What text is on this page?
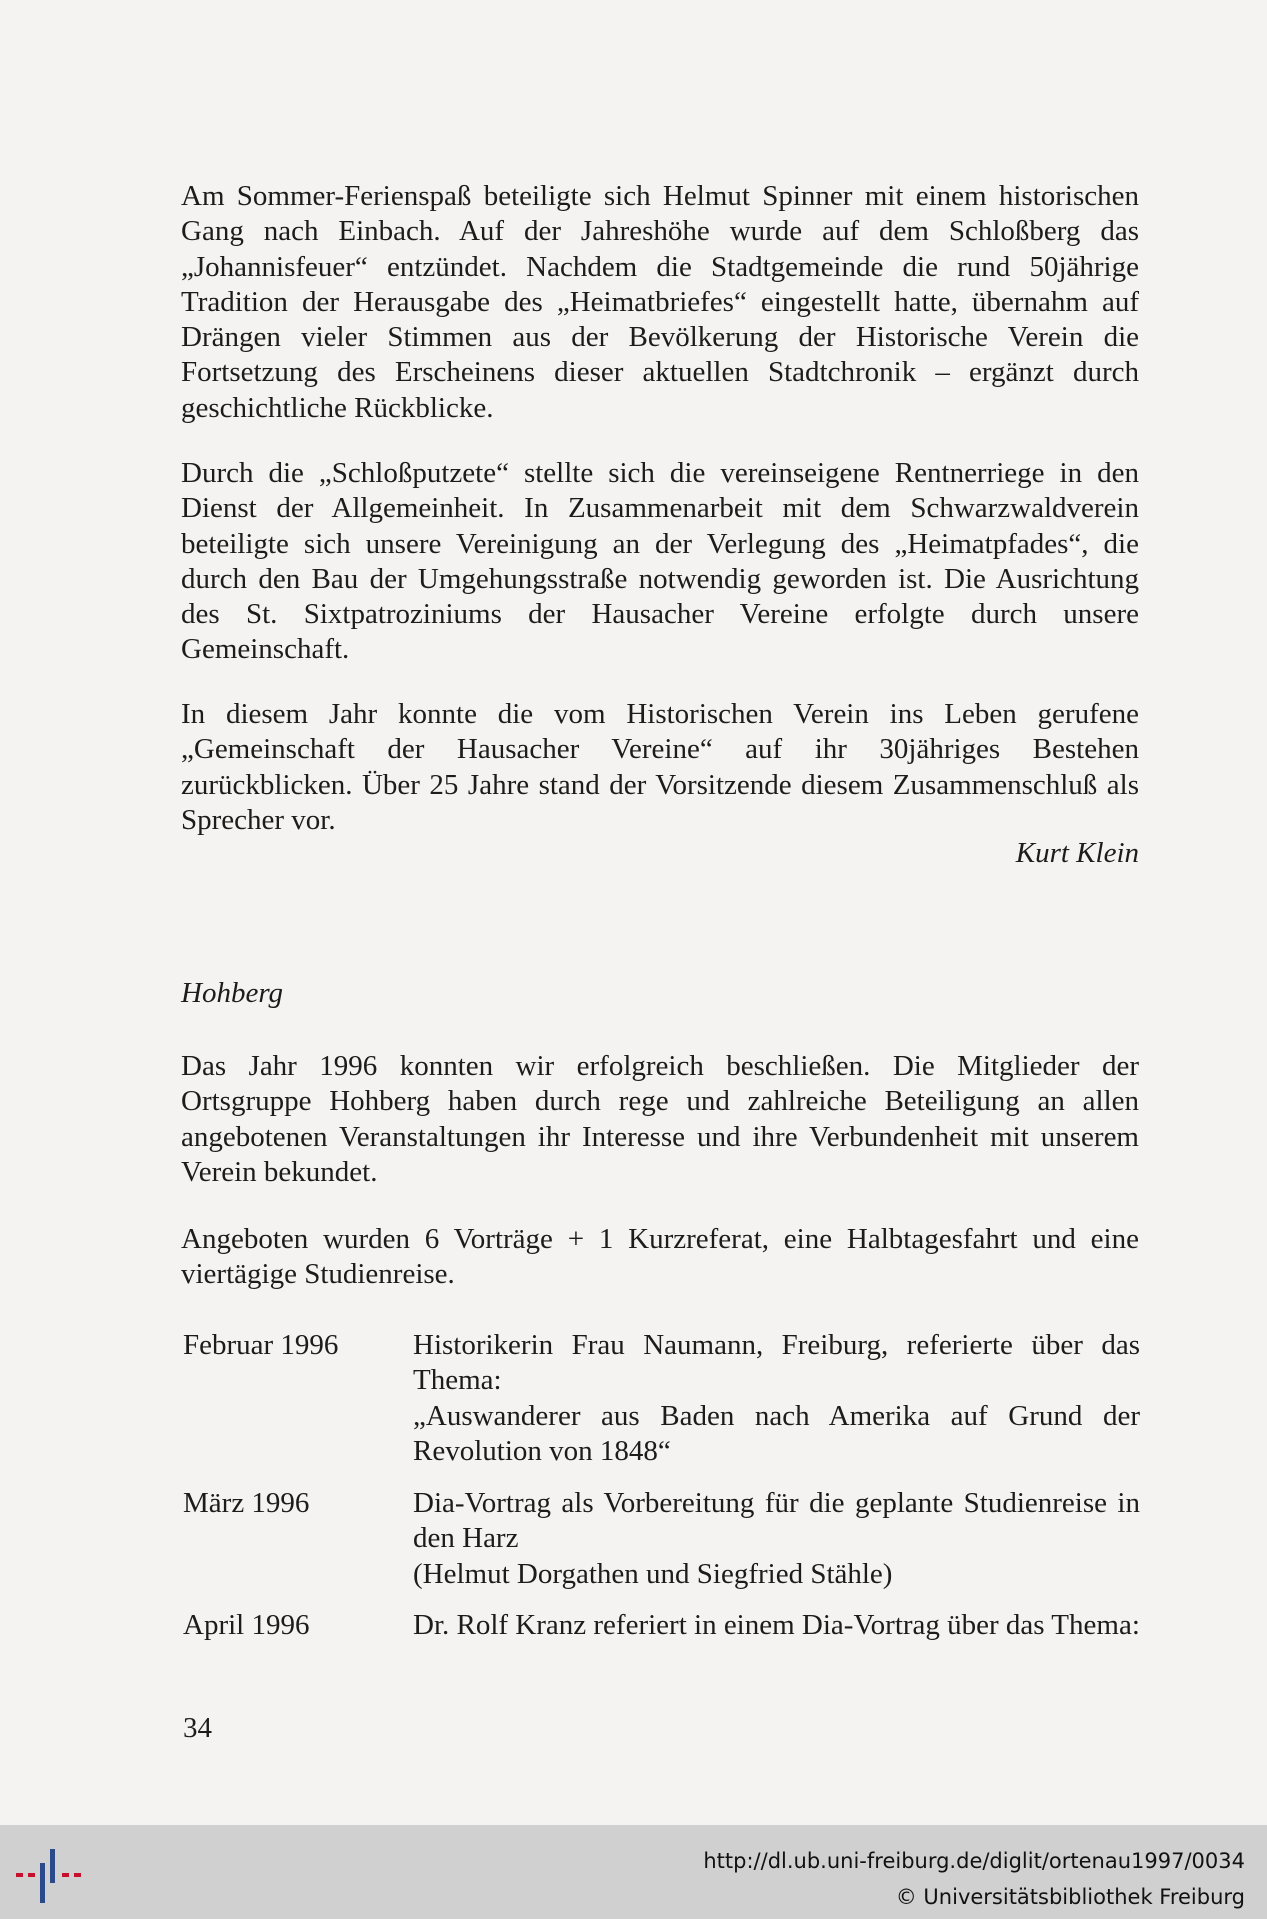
Am Sommer-Ferienspaß beteiligte sich Helmut Spinner mit einem historischen Gang nach Einbach. Auf der Jahreshöhe wurde auf dem Schloßberg das „Johannisfeuer“ entzündet. Nachdem die Stadtgemeinde die rund 50jährige Tradition der Herausgabe des „Heimatbriefes“ eingestellt hatte, übernahm auf Drängen vieler Stimmen aus der Bevölkerung der Historische Verein die Fortsetzung des Erscheinens dieser aktuellen Stadtchronik – ergänzt durch geschichtliche Rückblicke.
Durch die „Schloßputzete“ stellte sich die vereinseigene Rentnerriege in den Dienst der Allgemeinheit. In Zusammenarbeit mit dem Schwarzwaldverein beteiligte sich unsere Vereinigung an der Verlegung des „Heimatpfades“, die durch den Bau der Umgehungsstraße notwendig geworden ist. Die Ausrichtung des St. Sixtpatroziniums der Hausacher Vereine erfolgte durch unsere Gemeinschaft.
In diesem Jahr konnte die vom Historischen Verein ins Leben gerufene „Gemeinschaft der Hausacher Vereine“ auf ihr 30jähriges Bestehen zurückblicken. Über 25 Jahre stand der Vorsitzende diesem Zusammenschluß als Sprecher vor.
Kurt Klein
Hohberg
Das Jahr 1996 konnten wir erfolgreich beschließen. Die Mitglieder der Ortsgruppe Hohberg haben durch rege und zahlreiche Beteiligung an allen angebotenen Veranstaltungen ihr Interesse und ihre Verbundenheit mit unserem Verein bekundet.
Angeboten wurden 6 Vorträge + 1 Kurzreferat, eine Halbtagesfahrt und eine viertägige Studienreise.
Februar 1996	Historikerin Frau Naumann, Freiburg, referierte über das Thema:

„Auswanderer aus Baden nach Amerika auf Grund der Revolution von 1848“

März 1996	Dia-Vortrag als Vorbereitung für die geplante Studienreise in den Harz

(Helmut Dorgathen und Siegfried Stähle)

April 1996	Dr. Rolf Kranz referiert in einem Dia-Vortrag über das Thema:

34
http://dl.ub.uni-freiburg.de/diglit/ortenau1997/0034
© Universitätsbibliothek Freiburg
